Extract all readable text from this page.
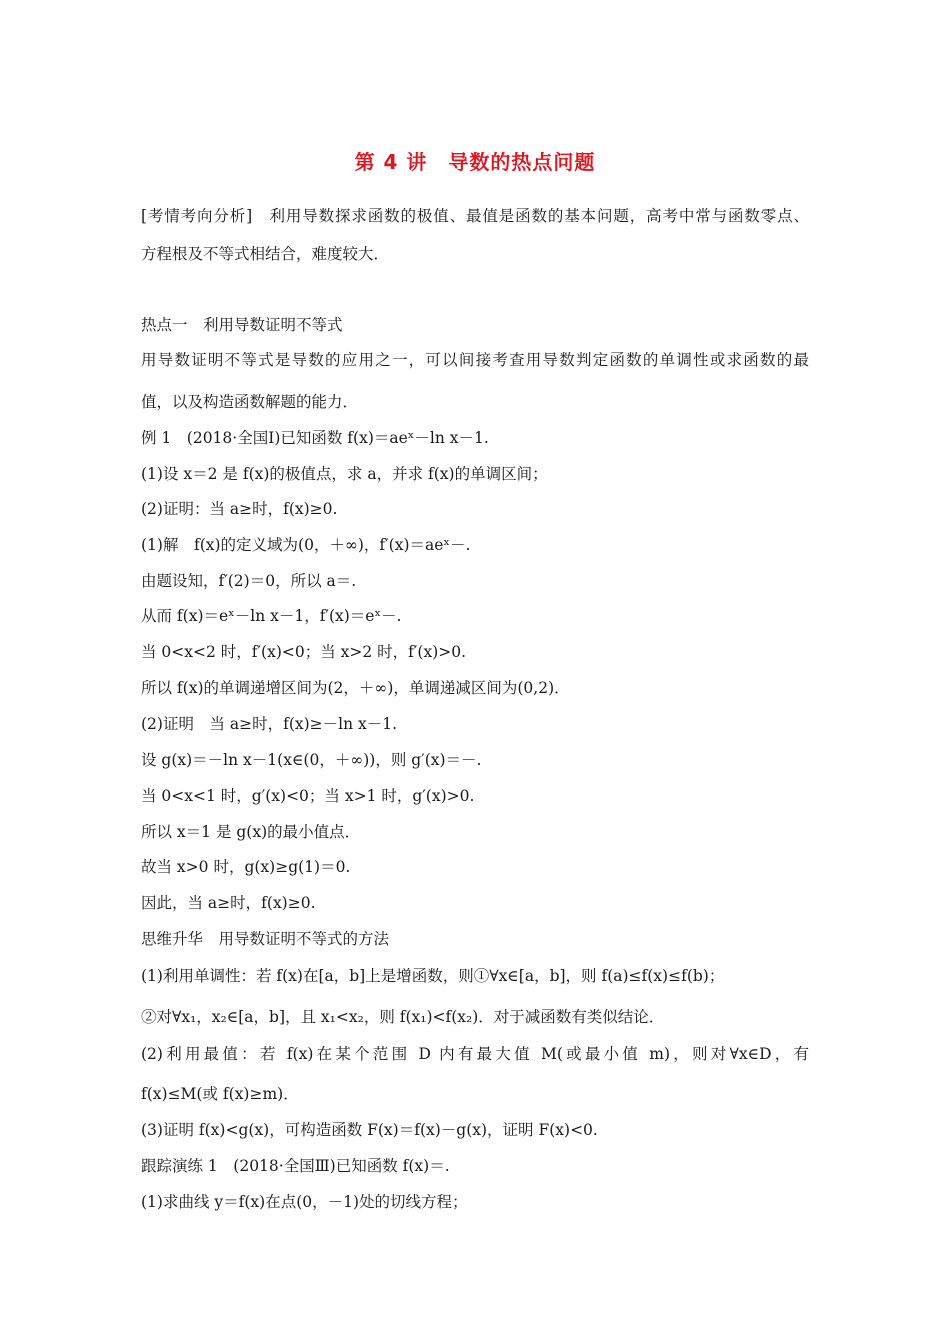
第 4 讲　导数的热点问题
[考情考向分析]　利用导数探求函数的极值、最值是函数的基本问题，高考中常与函数零点、
方程根及不等式相结合，难度较大．
热点一　利用导数证明不等式
用导数证明不等式是导数的应用之一，可以间接考查用导数判定函数的单调性或求函数的最
值，以及构造函数解题的能力．
例 1　(2018·全国Ⅰ)已知函数 f(x)＝aeˣ－ln x－1.
(1)设 x＝2 是 f(x)的极值点，求 a，并求 f(x)的单调区间；
(2)证明：当 a≥时，f(x)≥0.
(1)解　f(x)的定义域为(0，＋∞)，f′(x)＝aeˣ－.
由题设知，f′(2)＝0，所以 a＝.
从而 f(x)＝eˣ－ln x－1，f′(x)＝eˣ－.
当 0<x<2 时，f′(x)<0；当 x>2 时，f′(x)>0.
所以 f(x)的单调递增区间为(2，＋∞)，单调递减区间为(0,2)．
(2)证明　当 a≥时，f(x)≥－ln x－1.
设 g(x)＝－ln x－1(x∈(0，＋∞))，则 g′(x)＝－.
当 0<x<1 时，g′(x)<0；当 x>1 时，g′(x)>0.
所以 x＝1 是 g(x)的最小值点．
故当 x>0 时，g(x)≥g(1)＝0.
因此，当 a≥时，f(x)≥0.
思维升华　用导数证明不等式的方法
(1)利用单调性：若 f(x)在[a，b]上是增函数，则①∀x∈[a，b]，则 f(a)≤f(x)≤f(b)；
②对∀x₁，x₂∈[a，b]，且 x₁<x₂，则 f(x₁)<f(x₂)．对于减函数有类似结论．
(2)利用最值：若 f(x)在某个范围 D 内有最大值 M(或最小值 m)，则对∀x∈D，有
f(x)≤M(或 f(x)≥m)．
(3)证明 f(x)<g(x)，可构造函数 F(x)＝f(x)－g(x)，证明 F(x)<0.
跟踪演练 1　(2018·全国Ⅲ)已知函数 f(x)＝.
(1)求曲线 y＝f(x)在点(0，－1)处的切线方程；
